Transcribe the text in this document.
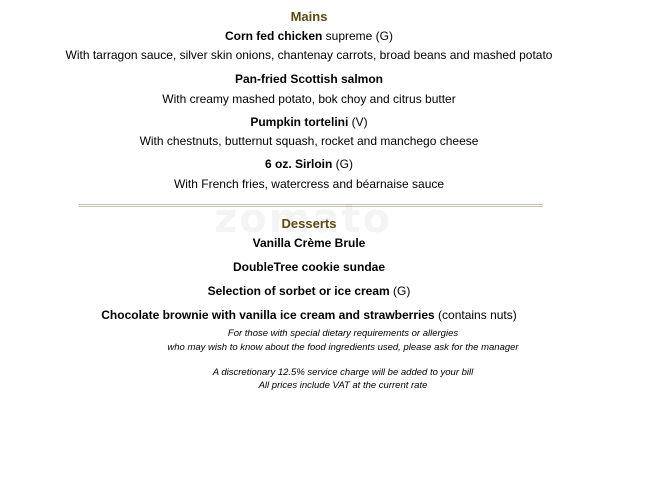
Mains
Corn fed chicken supreme (G)
With tarragon sauce, silver skin onions, chantenay carrots, broad beans and mashed potato
Pan-fried Scottish salmon
With creamy mashed potato, bok choy and citrus butter
Pumpkin tortelini (V)
With chestnuts, butternut squash, rocket and manchego cheese
6 oz. Sirloin (G)
With French fries, watercress and béarnaise sauce
Desserts
Vanilla Crème Brule
DoubleTree cookie sundae
Selection of sorbet or ice cream (G)
Chocolate brownie with vanilla ice cream and strawberries (contains nuts)
For those with special dietary requirements or allergies
who may wish to know about the food ingredients used, please ask for the manager
A discretionary 12.5% service charge will be added to your bill
All prices include VAT at the current rate
